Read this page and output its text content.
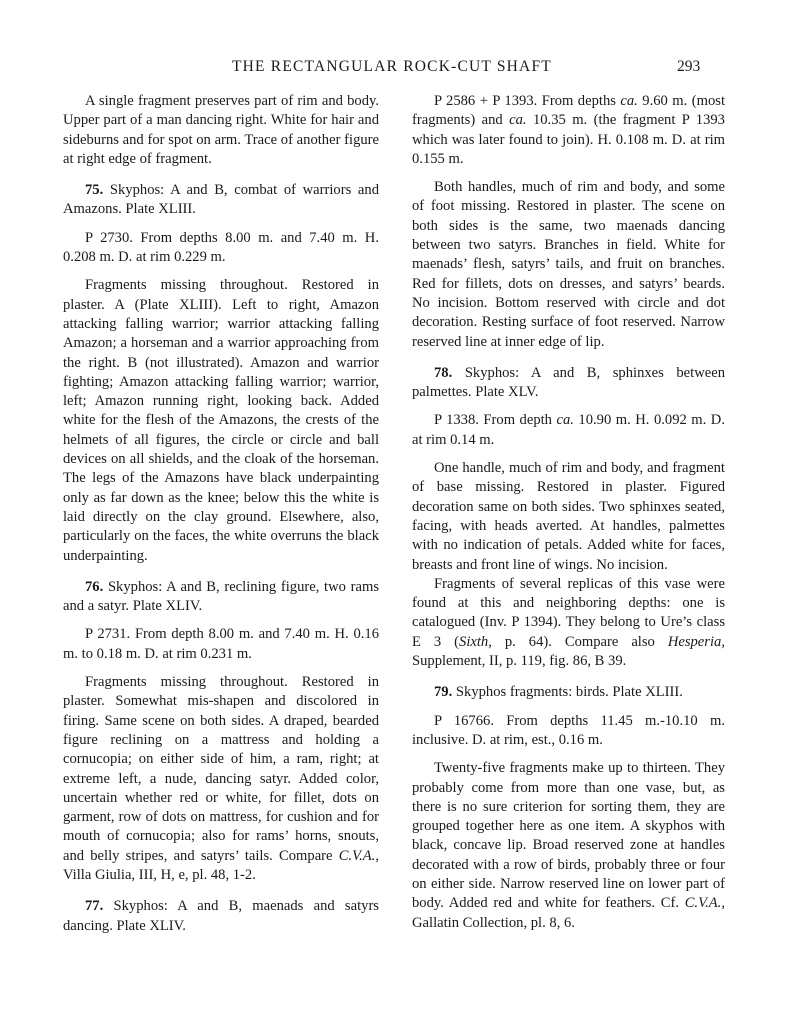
THE RECTANGULAR ROCK-CUT SHAFT	293

A single fragment preserves part of rim and body. Upper part of a man dancing right. White for hair and sideburns and for spot on arm. Trace of another figure at right edge of fragment.

75. Skyphos: A and B, combat of warriors and Amazons. Plate XLIII.

P 2730. From depths 8.00 m. and 7.40 m. H. 0.208 m. D. at rim 0.229 m.

Fragments missing throughout. Restored in plaster. A (Plate XLIII). Left to right, Amazon attacking falling warrior; warrior attacking falling Amazon; a horseman and a warrior approaching from the right. B (not illustrated). Amazon and warrior fighting; Amazon attacking falling warrior; warrior, left; Amazon running right, looking back. Added white for the flesh of the Amazons, the crests of the helmets of all figures, the circle or circle and ball devices on all shields, and the cloak of the horseman. The legs of the Amazons have black underpainting only as far down as the knee; below this the white is laid directly on the clay ground. Elsewhere, also, particularly on the faces, the white overruns the black underpainting.

76. Skyphos: A and B, reclining figure, two rams and a satyr. Plate XLIV.

P 2731. From depth 8.00 m. and 7.40 m. H. 0.16 m. to 0.18 m. D. at rim 0.231 m.

Fragments missing throughout. Restored in plaster. Somewhat mis-shapen and discolored in firing. Same scene on both sides. A draped, bearded figure reclining on a mattress and holding a cornucopia; on either side of him, a ram, right; at extreme left, a nude, dancing satyr. Added color, uncertain whether red or white, for fillet, dots on garment, row of dots on mattress, for cushion and for mouth of cornucopia; also for rams’ horns, snouts, and belly stripes, and satyrs’ tails. Compare C.V.A., Villa Giulia, III, H, e, pl. 48, 1-2.

77. Skyphos: A and B, maenads and satyrs dancing. Plate XLIV.

P 2586 + P 1393. From depths ca. 9.60 m. (most fragments) and ca. 10.35 m. (the fragment P 1393 which was later found to join). H. 0.108 m. D. at rim 0.155 m.

Both handles, much of rim and body, and some of foot missing. Restored in plaster. The scene on both sides is the same, two maenads dancing between two satyrs. Branches in field. White for maenads’ flesh, satyrs’ tails, and fruit on branches. Red for fillets, dots on dresses, and satyrs’ beards. No incision. Bottom reserved with circle and dot decoration. Resting surface of foot reserved. Narrow reserved line at inner edge of lip.

78. Skyphos: A and B, sphinxes between palmettes. Plate XLV.

P 1338. From depth ca. 10.90 m. H. 0.092 m. D. at rim 0.14 m.

One handle, much of rim and body, and fragment of base missing. Restored in plaster. Figured decoration same on both sides. Two sphinxes seated, facing, with heads averted. At handles, palmettes with no indication of petals. Added white for faces, breasts and front line of wings. No incision.

Fragments of several replicas of this vase were found at this and neighboring depths: one is catalogued (Inv. P 1394). They belong to Ure’s class E 3 (Sixth, p. 64). Compare also Hesperia, Supplement, II, p. 119, fig. 86, B 39.

79. Skyphos fragments: birds. Plate XLIII.

P 16766. From depths 11.45 m.-10.10 m. inclusive. D. at rim, est., 0.16 m.

Twenty-five fragments make up to thirteen. They probably come from more than one vase, but, as there is no sure criterion for sorting them, they are grouped together here as one item. A skyphos with black, concave lip. Broad reserved zone at handles decorated with a row of birds, probably three or four on either side. Narrow reserved line on lower part of body. Added red and white for feathers. Cf. C.V.A., Gallatin Collection, pl. 8, 6.
